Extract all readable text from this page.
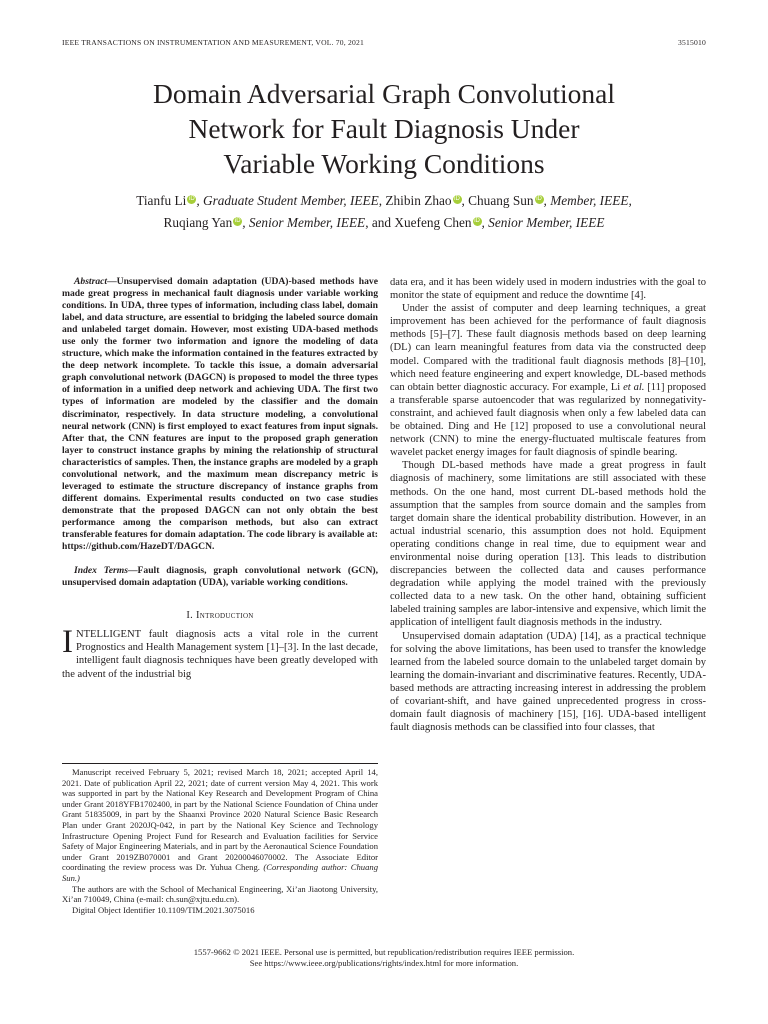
IEEE TRANSACTIONS ON INSTRUMENTATION AND MEASUREMENT, VOL. 70, 2021	3515010
Domain Adversarial Graph Convolutional
Network for Fault Diagnosis Under
Variable Working Conditions
Tianfu Li iD , Graduate Student Member, IEEE, Zhibin Zhao iD , Chuang Sun iD , Member, IEEE,
Ruqiang Yan iD , Senior Member, IEEE, and Xuefeng Chen iD , Senior Member, IEEE

Abstract—Unsupervised domain adaptation (UDA)-based methods have made great progress in mechanical fault diagnosis under variable working conditions. In UDA, three types of information, including class label, domain label, and data structure, are essential to bridging the labeled source domain and unlabeled target domain. However, most existing UDA-based methods use only the former two information and ignore the modeling of data structure, which make the information contained in the features extracted by the deep network incomplete. To tackle this issue, a domain adversarial graph convolutional network (DAGCN) is proposed to model the three types of information in a unified deep network and achieving UDA. The first two types of information are modeled by the classifier and the domain discriminator, respectively. In data structure modeling, a convolutional neural network (CNN) is first employed to exact features from input signals. After that, the CNN features are input to the proposed graph generation layer to construct instance graphs by mining the relationship of structural characteristics of samples. Then, the instance graphs are modeled by a graph convolutional network, and the maximum mean discrepancy metric is leveraged to estimate the structure discrepancy of instance graphs from different domains. Experimental results conducted on two case studies demonstrate that the proposed DAGCN can not only obtain the best performance among the comparison methods, but also can extract transferable features for domain adaptation. The code library is available at: https://github.com/HazeDT/DAGCN.

Index Terms—Fault diagnosis, graph convolutional network (GCN), unsupervised domain adaptation (UDA), variable working conditions.

I. Introduction

INTELLIGENT fault diagnosis acts a vital role in the current Prognostics and Health Management system [1]–[3]. In the last decade, intelligent fault diagnosis techniques have been greatly developed with the advent of the industrial big

Manuscript received February 5, 2021; revised March 18, 2021; accepted April 14, 2021. Date of publication April 22, 2021; date of current version May 4, 2021. This work was supported in part by the National Key Research and Development Program of China under Grant 2018YFB1702400, in part by the National Science Foundation of China under Grant 51835009, in part by the Shaanxi Province 2020 Natural Science Basic Research Plan under Grant 2020JQ-042, in part by the National Key Science and Technology Infrastructure Opening Project Fund for Research and Evaluation facilities for Service Safety of Major Engineering Materials, and in part by the Aeronautical Science Foundation under Grant 2019ZB070001 and Grant 20200046070002. The Associate Editor coordinating the review process was Dr. Yuhua Cheng. (Corresponding author: Chuang Sun.)

The authors are with the School of Mechanical Engineering, Xi’an Jiaotong University, Xi’an 710049, China (e-mail: ch.sun@xjtu.edu.cn).

Digital Object Identifier 10.1109/TIM.2021.3075016

data era, and it has been widely used in modern industries with the goal to monitor the state of equipment and reduce the downtime [4].

Under the assist of computer and deep learning techniques, a great improvement has been achieved for the performance of fault diagnosis methods [5]–[7]. These fault diagnosis methods based on deep learning (DL) can learn meaningful features from data via the constructed deep model. Compared with the traditional fault diagnosis methods [8]–[10], which need feature engineering and expert knowledge, DL-based methods can obtain better diagnostic accuracy. For example, Li et al. [11] proposed a transferable sparse autoencoder that was regularized by nonnegativity-constraint, and achieved fault diagnosis when only a few labeled data can be obtained. Ding and He [12] proposed to use a convolutional neural network (CNN) to mine the energy-fluctuated multiscale features from wavelet packet energy images for fault diagnosis of spindle bearing.

Though DL-based methods have made a great progress in fault diagnosis of machinery, some limitations are still associated with these methods. On the one hand, most current DL-based methods hold the assumption that the samples from source domain and the samples from target domain share the identical probability distribution. However, in an actual industrial scenario, this assumption does not hold. Equipment operating conditions change in real time, due to equipment wear and environmental noise during operation [13]. This leads to distribution discrepancies between the collected data and causes performance degradation while applying the model trained with the previously collected data to a new task. On the other hand, obtaining sufficient labeled training samples are labor-intensive and expensive, which limit the application of intelligent fault diagnosis methods in the industry.

Unsupervised domain adaptation (UDA) [14], as a practical technique for solving the above limitations, has been used to transfer the knowledge learned from the labeled source domain to the unlabeled target domain by learning the domain-invariant and discriminative features. Recently, UDA-based methods are attracting increasing interest in addressing the problem of covariant-shift, and have gained unprecedented progress in cross-domain fault diagnosis of machinery [15], [16]. UDA-based intelligent fault diagnosis methods can be classified into four classes, that

1557-9662 © 2021 IEEE. Personal use is permitted, but republication/redistribution requires IEEE permission.
See https://www.ieee.org/publications/rights/index.html for more information.
